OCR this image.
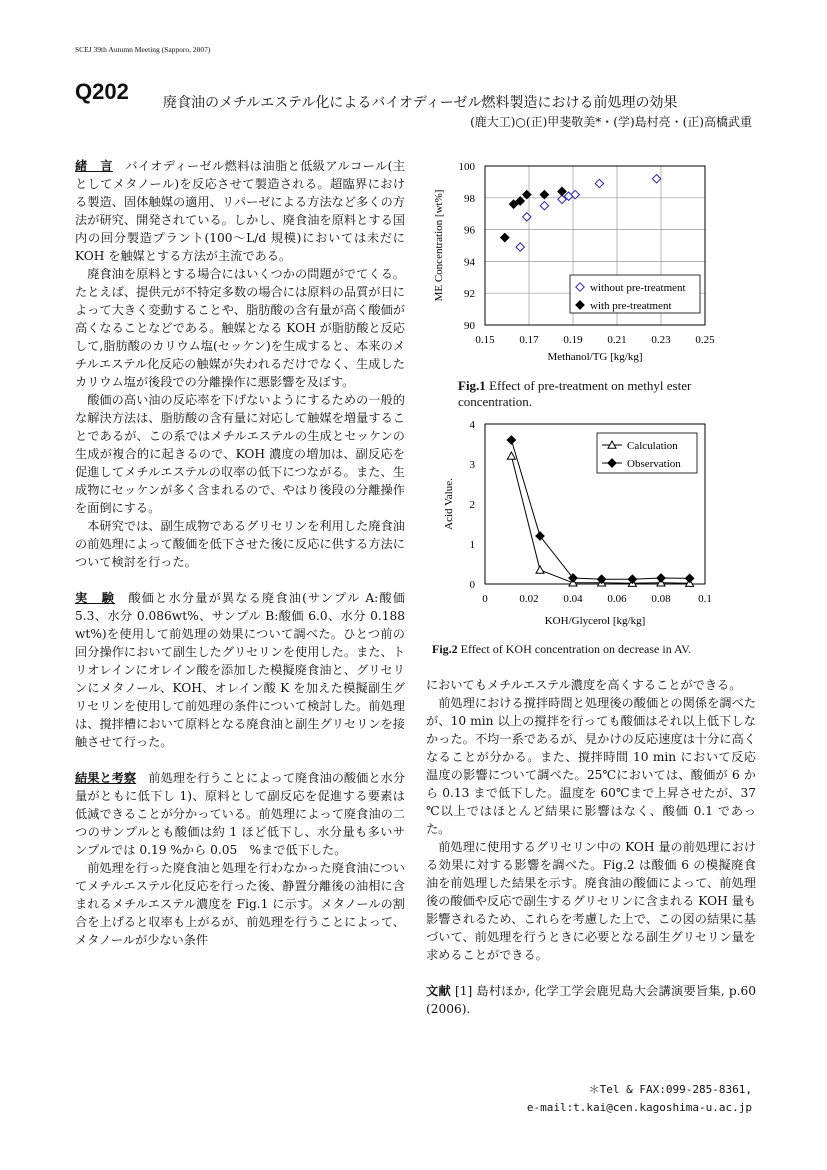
SCEJ 39th Autumn Meeting (Sapporo, 2007)
Q202 廃食油のメチルエステル化によるバイオディーゼル燃料製造における前処理の効果
(鹿大工)○(正)甲斐敬美*・(学)島村亮・(正)高橋武重

緒　言　 バイオディーゼル燃料は油脂と低級アルコール(主としてメタノール)を反応させて製造される。超臨界における製造、固体触媒の適用、リパーゼによる方法など多くの方法が研究、開発されている。しかし、廃食油を原料とする国内の回分製造プラント(100〜L/d 規模)においては未だに KOH を触媒とする方法が主流である。

廃食油を原料とする場合にはいくつかの問題がでてくる。たとえば、提供元が不特定多数の場合には原料の品質が日によって大きく変動することや、脂肪酸の含有量が高く酸価が高くなることなどである。触媒となる KOH が脂肪酸と反応して,脂肪酸のカリウム塩(セッケン)を生成すると、本来のメチルエステル化反応の触媒が失われるだけでなく、生成したカリウム塩が後段での分離操作に悪影響を及ぼす。

酸価の高い油の反応率を下げないようにするための一般的な解決方法は、脂肪酸の含有量に対応して触媒を増量することであるが、この系ではメチルエステルの生成とセッケンの生成が複合的に起きるので、KOH 濃度の増加は、副反応を促進してメチルエステルの収率の低下につながる。また、生成物にセッケンが多く含まれるので、やはり後段の分離操作を面倒にする。

本研究では、副生成物であるグリセリンを利用した廃食油の前処理によって酸価を低下させた後に反応に供する方法について検討を行った。

実　験　 酸価と水分量が異なる廃食油(サンプル A:酸価 5.3、水分 0.086wt%、サンプル B:酸価 6.0、水分 0.188 wt%)を使用して前処理の効果について調べた。ひとつ前の回分操作において副生したグリセリンを使用した。また、トリオレインにオレイン酸を添加した模擬廃食油と、グリセリンにメタノール、KOH、オレイン酸 K を加えた模擬副生グリセリンを使用して前処理の条件について検討した。前処理は、撹拌槽において原料となる廃食油と副生グリセリンを接触させて行った。

結果と考察　 前処理を行うことによって廃食油の酸価と水分量がともに低下し 1)、原料として副反応を促進する要素は低減できることが分かっている。前処理によって廃食油の二つのサンプルとも酸価は約 1 ほど低下し、水分量も多いサンプルでは 0.19 %から 0.05　%まで低下した。

前処理を行った廃食油と処理を行わなかった廃食油についてメチルエステル化反応を行った後、静置分離後の油相に含まれるメチルエステル濃度を Fig.1 に示す。メタノールの割合を上げると収率も上がるが、前処理を行うことによって、メタノールが少ない条件

0.15 0.17 0.19 0.21 0.23 0.25
90
92
94
96
98
100
Methanol/TG [kg/kg]
ME Concentration [wt%]	without pre-treatment
with pre-treatment
Fig.1 Effect of pre-treatment on methyl ester concentration.
0	0.02 0.04 0.06 0.08	0.1
0
1
2
3
4
KOH/Glycerol [kg/kg]
Acid Value.
Calculation
Observation
Fig.2 Effect of KOH concentration on decrease in AV.

においてもメチルエステル濃度を高くすることができる。

前処理における撹拌時間と処理後の酸価との関係を調べたが、10 min 以上の撹拌を行っても酸価はそれ以上低下しなかった。不均一系であるが、見かけの反応速度は十分に高くなることが分かる。また、撹拌時間 10 min において反応温度の影響について調べた。25℃においては、酸価が 6 から 0.13 まで低下した。温度を 60℃まで上昇させたが、37 ℃以上ではほとんど結果に影響はなく、酸価 0.1 であった。

前処理に使用するグリセリン中の KOH 量の前処理における効果に対する影響を調べた。Fig.2 は酸価 6 の模擬廃食油を前処理した結果を示す。廃食油の酸価によって、前処理後の酸価や反応で副生するグリセリンに含まれる KOH 量も影響されるため、これらを考慮した上で、この図の結果に基づいて、前処理を行うときに必要となる副生グリセリン量を求めることができる。

文献 [1] 島村ほか, 化学工学会鹿児島大会講演要旨集, p.60 (2006).

＊Tel & FAX:099-285-8361,
e-mail:t.kai@cen.kagoshima-u.ac.jp
